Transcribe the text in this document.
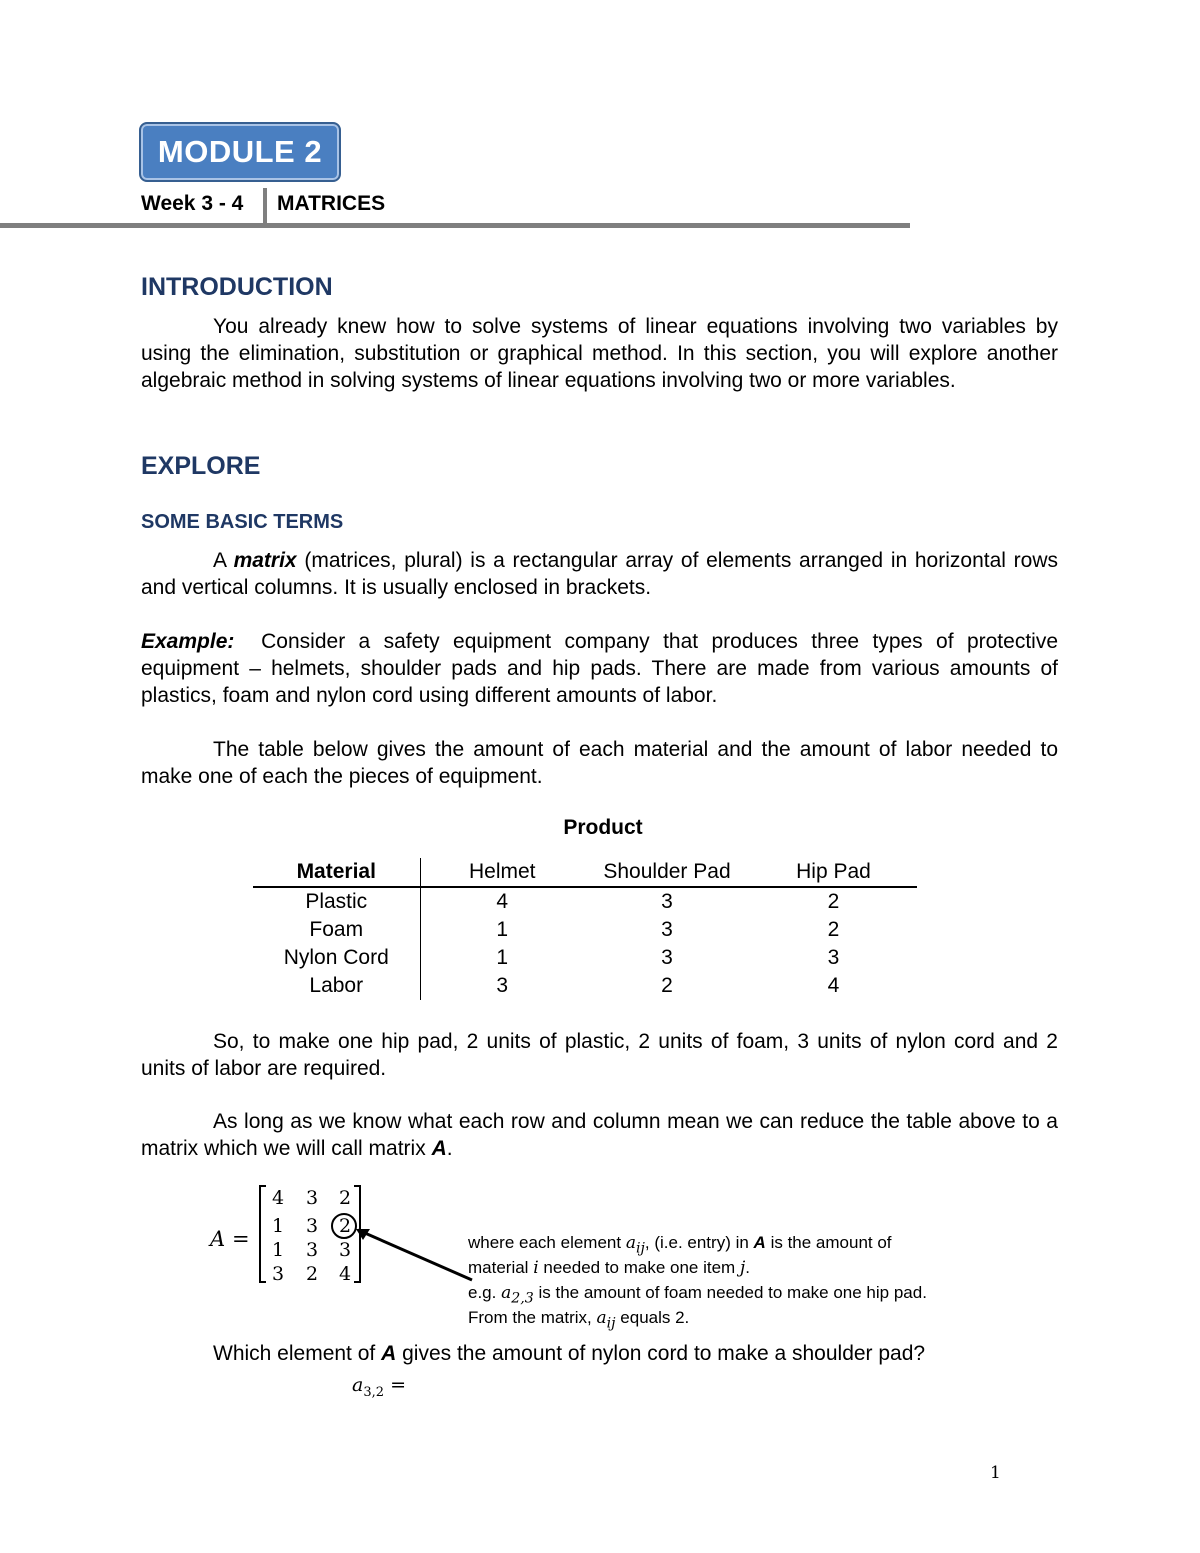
MODULE 2
Week 3 - 4 MATRICES
INTRODUCTION
You already knew how to solve systems of linear equations involving two variables by using the elimination, substitution or graphical method. In this section, you will explore another algebraic method in solving systems of linear equations involving two or more variables.
EXPLORE
SOME BASIC TERMS
A matrix (matrices, plural) is a rectangular array of elements arranged in horizontal rows and vertical columns. It is usually enclosed in brackets.
Example: Consider a safety equipment company that produces three types of protective equipment – helmets, shoulder pads and hip pads. There are made from various amounts of plastics, foam and nylon cord using different amounts of labor.
The table below gives the amount of each material and the amount of labor needed to make one of each the pieces of equipment.
Product
Material	Helmet	Shoulder Pad	Hip Pad
Plastic	4	3	2
Foam	1	3	2
Nylon Cord	1	3	3
Labor	3	2	4
So, to make one hip pad, 2 units of plastic, 2 units of foam, 3 units of nylon cord and 2 units of labor are required.
As long as we know what each row and column mean we can reduce the table above to a matrix which we will call matrix A.
A =
4 3 2
1 3 2
1 3 3
3 2 4
where each element $a_{ij}$, (i.e. entry) in A is the amount of
material i needed to make one item j.
e.g. $a_{2,3}$ is the amount of foam needed to make one hip pad.
From the matrix, $a_{ij}$ equals 2.
Which element of A gives the amount of nylon cord to make a shoulder pad?
$a_{3,2}$ =
1
